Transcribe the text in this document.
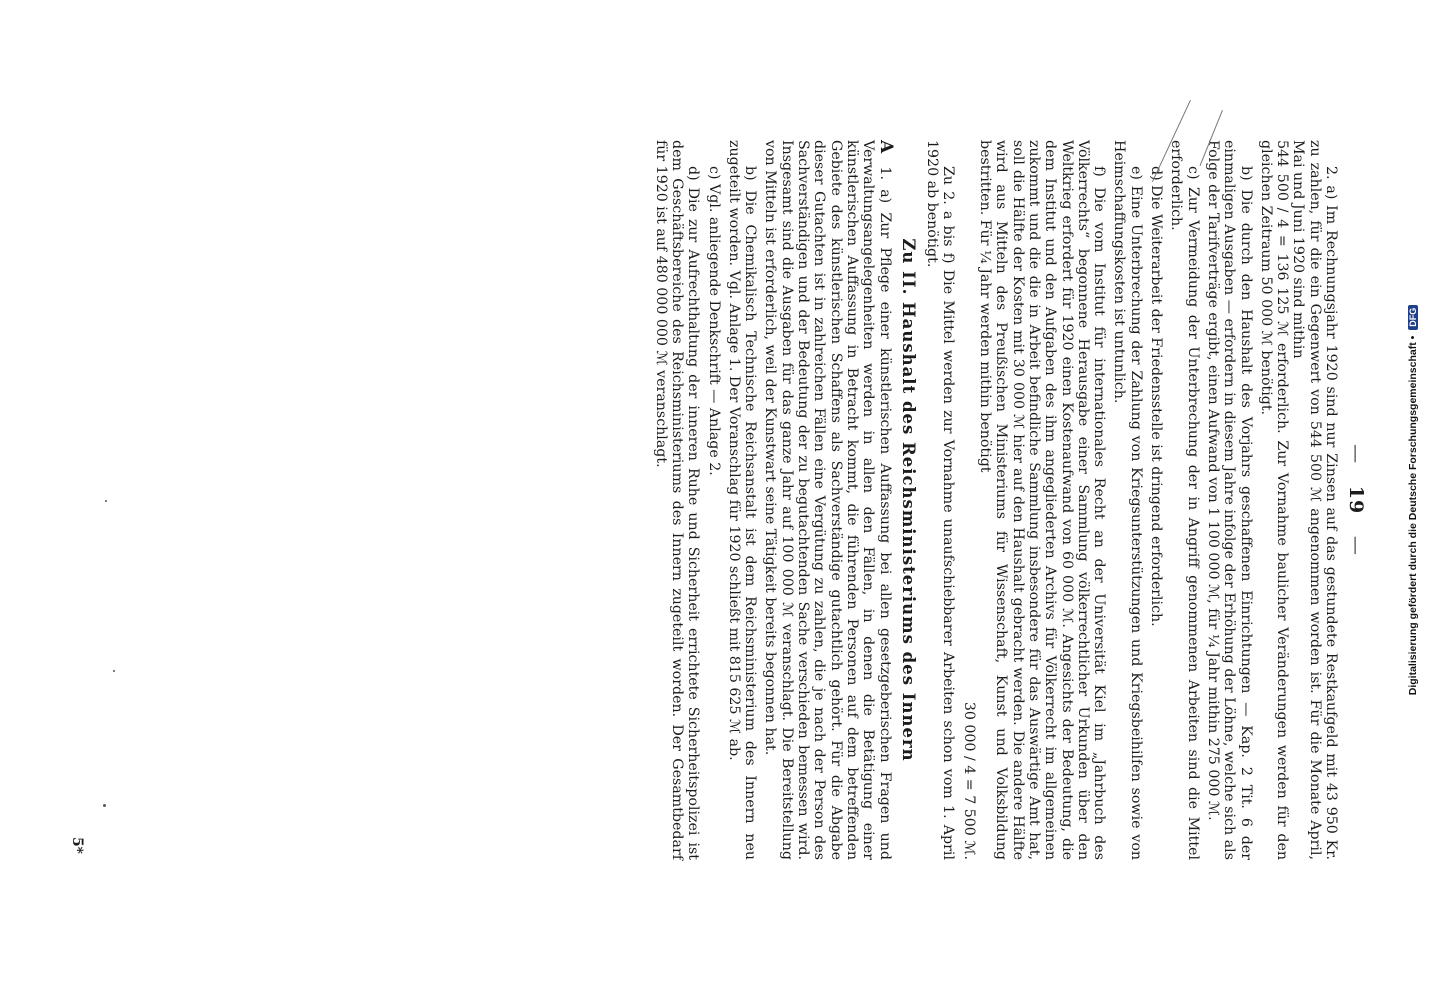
— 19 —

2. a) Im Rechnungsjahr 1920 sind nur Zinsen auf das gestundete Restkaufgeld mit 43 950 Kr. zu zahlen, für die ein Gegenwert von 544 500 ℳ angenommen worden ist. Für die Monate April, Mai und Juni 1920 sind mithin

544 500 / 4 = 136 125 ℳ erforderlich. Zur Vornahme baulicher Veränderungen werden für den gleichen Zeitraum 50 000 ℳ benötigt.

b) Die durch den Haushalt des Vorjahrs geschaffenen Einrichtungen — Kap. 2 Tit. 6 der einmaligen Ausgaben — erfordern in diesem Jahre infolge der Erhöhung der Löhne, welche sich als Folge der Tarifverträge ergibt, einen Aufwand von 1 100 000 ℳ, für ¼ Jahr mithin 275 000 ℳ.

c) Zur Vermeidung der Unterbrechung der in Angriff genommenen Arbeiten sind die Mittel erforderlich.

d) Die Weiterarbeit der Friedensstelle ist dringend erforderlich.

e) Eine Unterbrechung der Zahlung von Kriegsunterstützungen und Kriegsbeihilfen sowie von Heimschaffungskosten ist untunlich.

f) Die vom Institut für internationales Recht an der Universität Kiel im „Jahrbuch des Völkerrechts“ begonnene Herausgabe einer Sammlung völkerrechtlicher Urkunden über den Weltkrieg erfordert für 1920 einen Kostenaufwand von 60 000 ℳ. Angesichts der Bedeutung, die dem Institut und den Aufgaben des ihm angegliederten Archivs für Völkerrecht im allgemeinen zukommt und die die in Arbeit befindliche Sammlung insbesondere für das Auswärtige Amt hat, soll die Hälfte der Kosten mit 30 000 ℳ hier auf den Haushalt gebracht werden. Die andere Hälfte wird aus Mitteln des Preußischen Ministeriums für Wissenschaft, Kunst und Volksbildung bestritten. Für ¼ Jahr werden mithin benötigt

30 000 / 4 = 7 500 ℳ.

Zu 2. a bis f) Die Mittel werden zur Vornahme unaufschiebbarer Arbeiten schon vom 1. April 1920 ab benötigt.

Zu II. Haushalt des Reichsministeriums des Innern

A 1. a) Zur Pflege einer künstlerischen Auffassung bei allen gesetzgeberischen Fragen und Verwaltungsangelegenheiten werden in allen den Fällen, in denen die Betätigung einer künstlerischen Auffassung in Betracht kommt, die führenden Personen auf dem betreffenden Gebiete des künstlerischen Schaffens als Sachverständige gutachtlich gehört. Für die Abgabe dieser Gutachten ist in zahlreichen Fällen eine Vergütung zu zahlen, die je nach der Person des Sachverständigen und der Bedeutung der zu begutachtenden Sache verschieden bemessen wird. Insgesamt sind die Ausgaben für das ganze Jahr auf 100 000 ℳ veranschlagt. Die Bereitstellung von Mitteln ist erforderlich, weil der Kunstwart seine Tätigkeit bereits begonnen hat.

b) Die Chemikalisch Technische Reichsanstalt ist dem Reichsministerium des Innern neu zugeteilt worden. Vgl. Anlage 1. Der Voranschlag für 1920 schließt mit 815 625 ℳ ab.

c) Vgl. anliegende Denkschrift — Anlage 2.

d) Die zur Aufrechthaltung der inneren Ruhe und Sicherheit errichtete Sicherheitspolizei ist dem Geschäftsbereiche des Reichsministeriums des Innern zugeteilt worden. Der Gesamtbedarf für 1920 ist auf 480 000 000 ℳ veranschlagt.

5*
Digitalisierung gefördert durch die Deutsche Forschungsgemeinschaft • DFG
